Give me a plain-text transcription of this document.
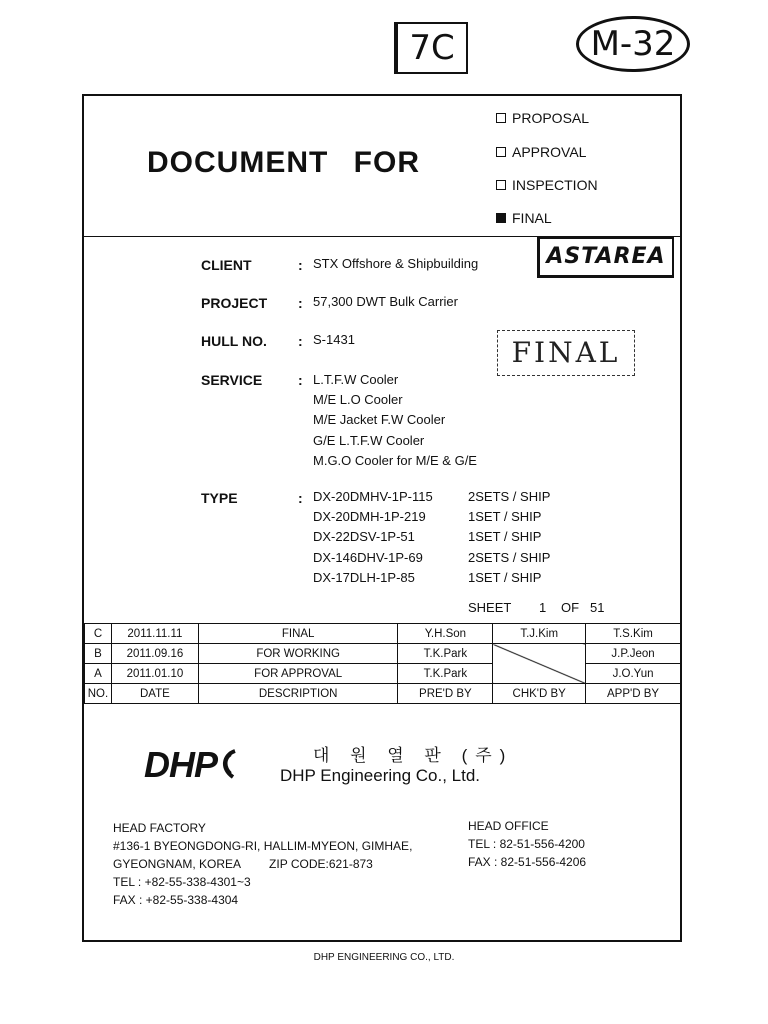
7C	M-32
DOCUMENT FOR
PROPOSAL
APPROVAL
INSPECTION
FINAL
ASTAREA
FINAL
CLIENT	: STX Offshore & Shipbuilding
PROJECT : 57,300 DWT Bulk Carrier
HULL NO. : S-1431
SERVICE	: L.T.F.W Cooler
M/E L.O Cooler
M/E Jacket F.W Cooler
G/E L.T.F.W Cooler
M.G.O Cooler for M/E & G/E
TYPE	: DX-20DMHV-1P-115	2SETS / SHIP
DX-20DMH-1P-219	1SET / SHIP
DX-22DSV-1P-51	1SET / SHIP
DX-146DHV-1P-69	2SETS / SHIP
DX-17DLH-1P-85	1SET / SHIP
SHEET 1 OF 51
C	2011.11.11	FINAL	Y.H.Son	T.J.Kim	T.S.Kim
B	2011.09.16	FOR WORKING	T.K.Park		J.P.Jeon
A	2011.01.10	FOR APPROVAL	T.K.Park		J.O.Yun
NO.	DATE	DESCRIPTION	PRE'D BY	CHK'D BY	APP'D BY
DHP	대 원 열 판 (주)
DHP Engineering Co., Ltd.
HEAD FACTORY
#136-1 BYEONGDONG-RI, HALLIM-MYEON, GIMHAE,
GYEONGNAM, KOREA ZIP CODE:621-873
TEL : +82-55-338-4301~3
FAX : +82-55-338-4304
HEAD OFFICE
TEL : 82-51-556-4200
FAX : 82-51-556-4206
DHP ENGINEERING CO., LTD.
